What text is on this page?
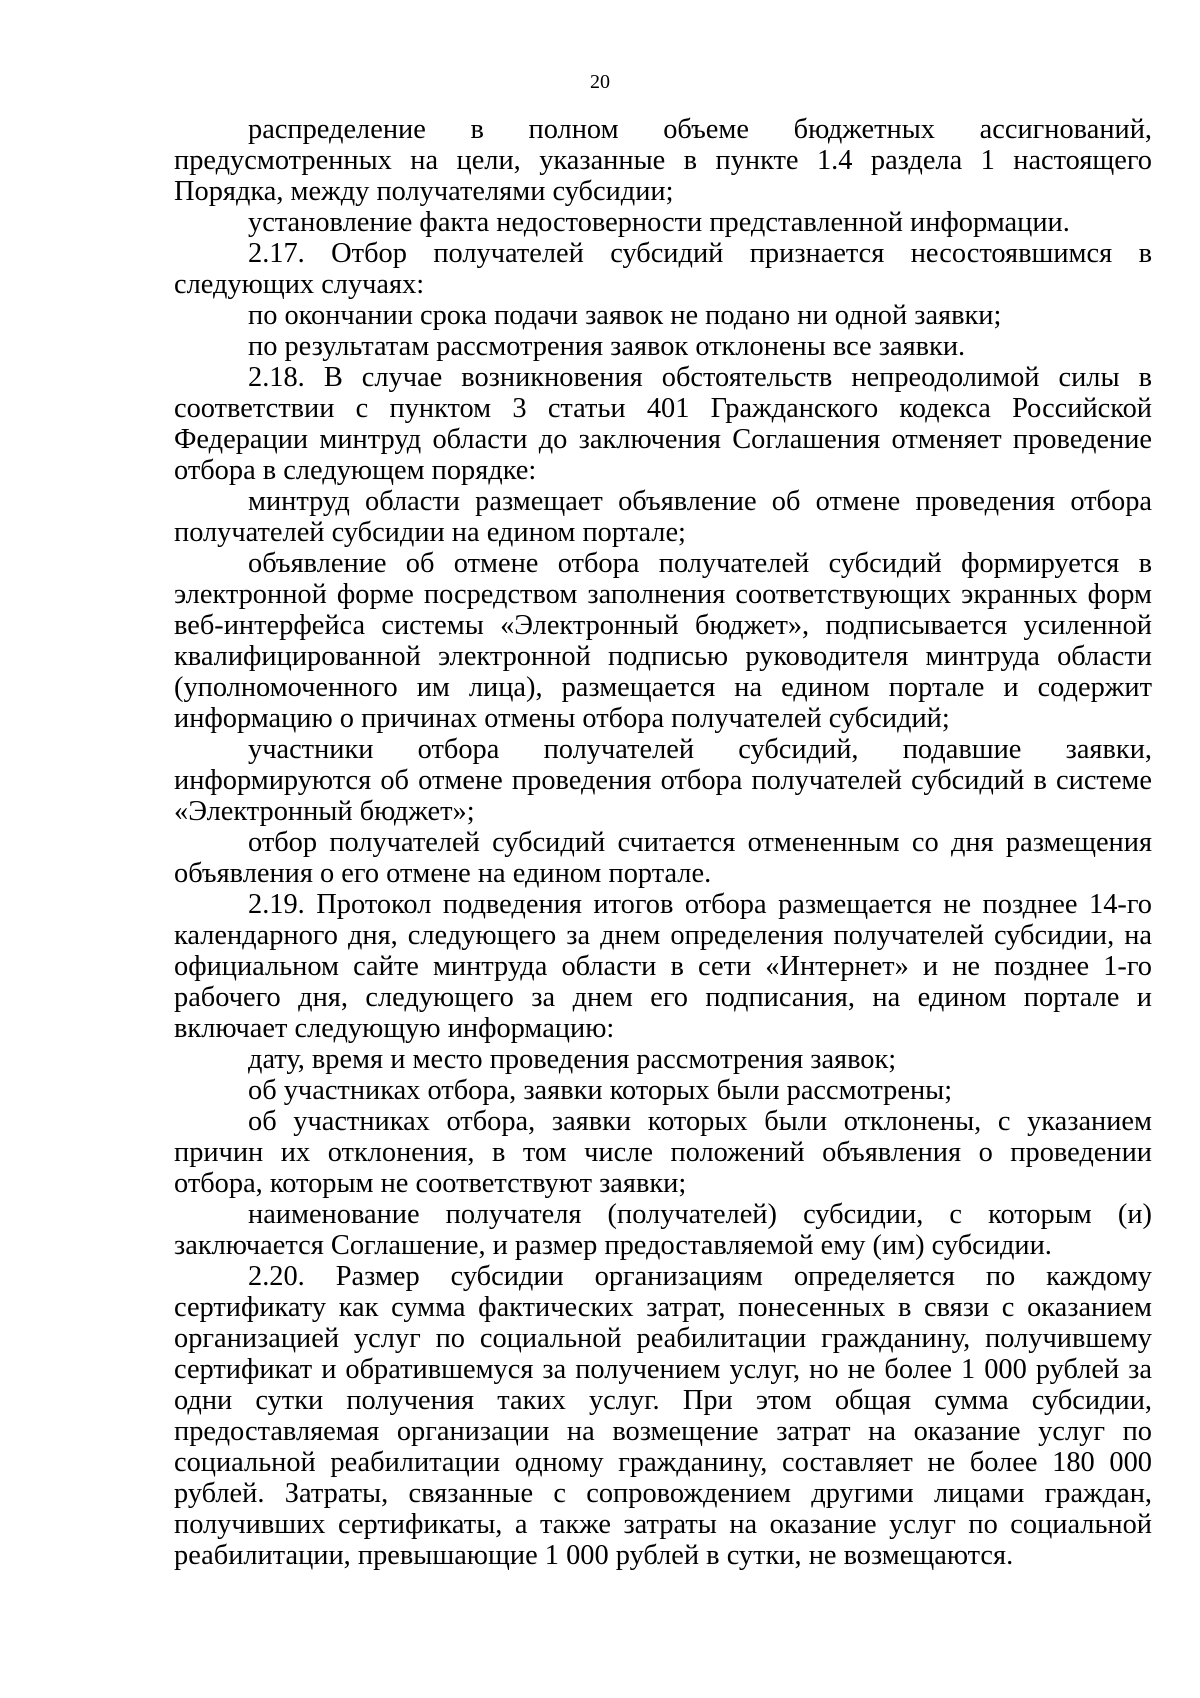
20

распределение в полном объеме бюджетных ассигнований, предусмотренных на цели, указанные в пункте 1.4 раздела 1 настоящего Порядка, между получателями субсидии;

установление факта недостоверности представленной информации.

2.17. Отбор получателей субсидий признается несостоявшимся в следующих случаях:

по окончании срока подачи заявок не подано ни одной заявки;

по результатам рассмотрения заявок отклонены все заявки.

2.18. В случае возникновения обстоятельств непреодолимой силы в соответствии с пунктом 3 статьи 401 Гражданского кодекса Российской Федерации минтруд области до заключения Соглашения отменяет проведение отбора в следующем порядке:

минтруд области размещает объявление об отмене проведения отбора получателей субсидии на едином портале;

объявление об отмене отбора получателей субсидий формируется в электронной форме посредством заполнения соответствующих экранных форм веб-интерфейса системы «Электронный бюджет», подписывается усиленной квалифицированной электронной подписью руководителя минтруда области (уполномоченного им лица), размещается на едином портале и содержит информацию о причинах отмены отбора получателей субсидий;

участники отбора получателей субсидий, подавшие заявки, информируются об отмене проведения отбора получателей субсидий в системе «Электронный бюджет»;

отбор получателей субсидий считается отмененным со дня размещения объявления о его отмене на едином портале.

2.19. Протокол подведения итогов отбора размещается не позднее 14-го календарного дня, следующего за днем определения получателей субсидии, на официальном сайте минтруда области в сети «Интернет» и не позднее 1-го рабочего дня, следующего за днем его подписания, на едином портале и включает следующую информацию:

дату, время и место проведения рассмотрения заявок;

об участниках отбора, заявки которых были рассмотрены;

об участниках отбора, заявки которых были отклонены, с указанием причин их отклонения, в том числе положений объявления о проведении отбора, которым не соответствуют заявки;

наименование получателя (получателей) субсидии, с которым (и) заключается Соглашение, и размер предоставляемой ему (им) субсидии.

2.20. Размер субсидии организациям определяется по каждому сертификату как сумма фактических затрат, понесенных в связи с оказанием организацией услуг по социальной реабилитации гражданину, получившему сертификат и обратившемуся за получением услуг, но не более 1 000 рублей за одни сутки получения таких услуг. При этом общая сумма субсидии, предоставляемая организации на возмещение затрат на оказание услуг по социальной реабилитации одному гражданину, составляет не более 180 000 рублей. Затраты, связанные с сопровождением другими лицами граждан, получивших сертификаты, а также затраты на оказание услуг по социальной реабилитации, превышающие 1 000 рублей в сутки, не возмещаются.
